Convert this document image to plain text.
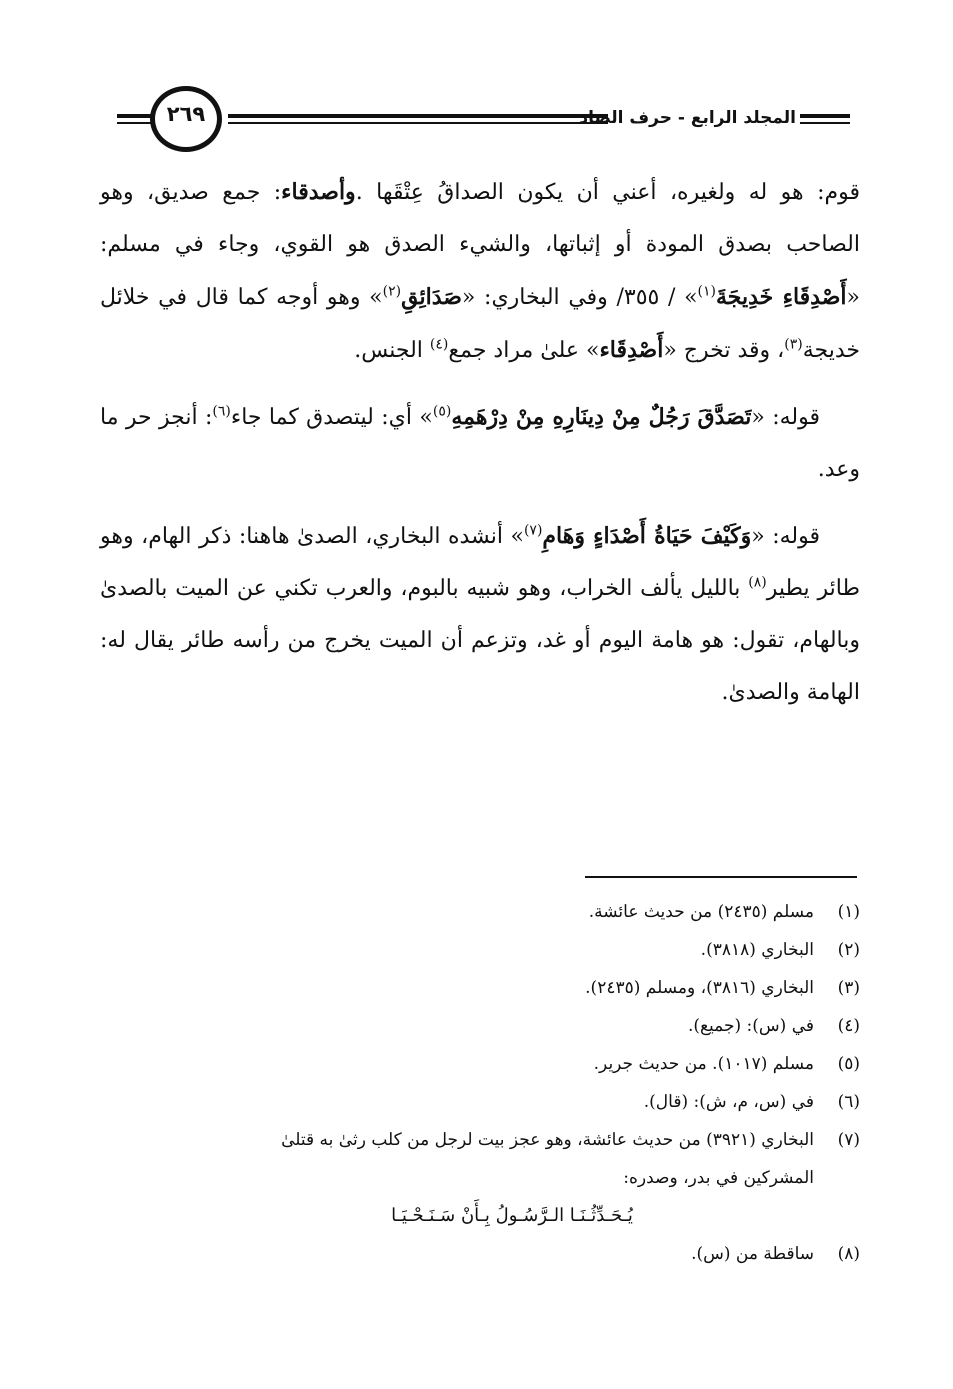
٢٦٩	المجلد الرابع - حرف الصاد

قوم: هو له ولغيره، أعني أن يكون الصداقُ عِتْقَها .وأصدقاء: جمع صديق، وهو الصاحب بصدق المودة أو إثباتها، والشيء الصدق هو القوي، وجاء في مسلم: «أَصْدِقَاءِ خَدِيجَةَ$^{(١)}$» / ٣٥٥/ وفي البخاري: «صَدَائِقِ$^{(٢)}$» وهو أوجه كما قال في خلائل خديجة$^{(٣)}$، وقد تخرج «أَصْدِقَاء» علىٰ مراد جمع$^{(٤)}$ الجنس.

قوله: «تَصَدَّقَ رَجُلٌ مِنْ دِينَارِهِ مِنْ دِرْهَمِهِ$^{(٥)}$» أي: ليتصدق كما جاء$^{(٦)}$: أنجز حر ما وعد.

قوله: «وَكَيْفَ حَيَاةُ أَصْدَاءٍ وَهَامِ$^{(٧)}$» أنشده البخاري، الصدىٰ هاهنا: ذكر الهام، وهو طائر يطير$^{(٨)}$ بالليل يألف الخراب، وهو شبيه بالبوم، والعرب تكني عن الميت بالصدىٰ وبالهام، تقول: هو هامة اليوم أو غد، وتزعم أن الميت يخرج من رأسه طائر يقال له: الهامة والصدىٰ.

(١)
مسلم (٢٤٣٥) من حديث عائشة.
(٢)
البخاري (٣٨١٨).
(٣)
البخاري (٣٨١٦)، ومسلم (٢٤٣٥).
(٤)
في (س): (جميع).
(٥)
مسلم (١٠١٧). من حديث جرير.
(٦)
في (س، م، ش): (قال).
(٧)
البخاري (٣٩٢١) من حديث عائشة، وهو عجز بيت لرجل من كلب رثىٰ به قتلىٰ
المشركين في بدر، وصدره:
يُـحَـدِّثُـنَـا الـرَّسُـولُ بِـأَنْ سَـنَـحْـيَـا
(٨)
ساقطة من (س).
